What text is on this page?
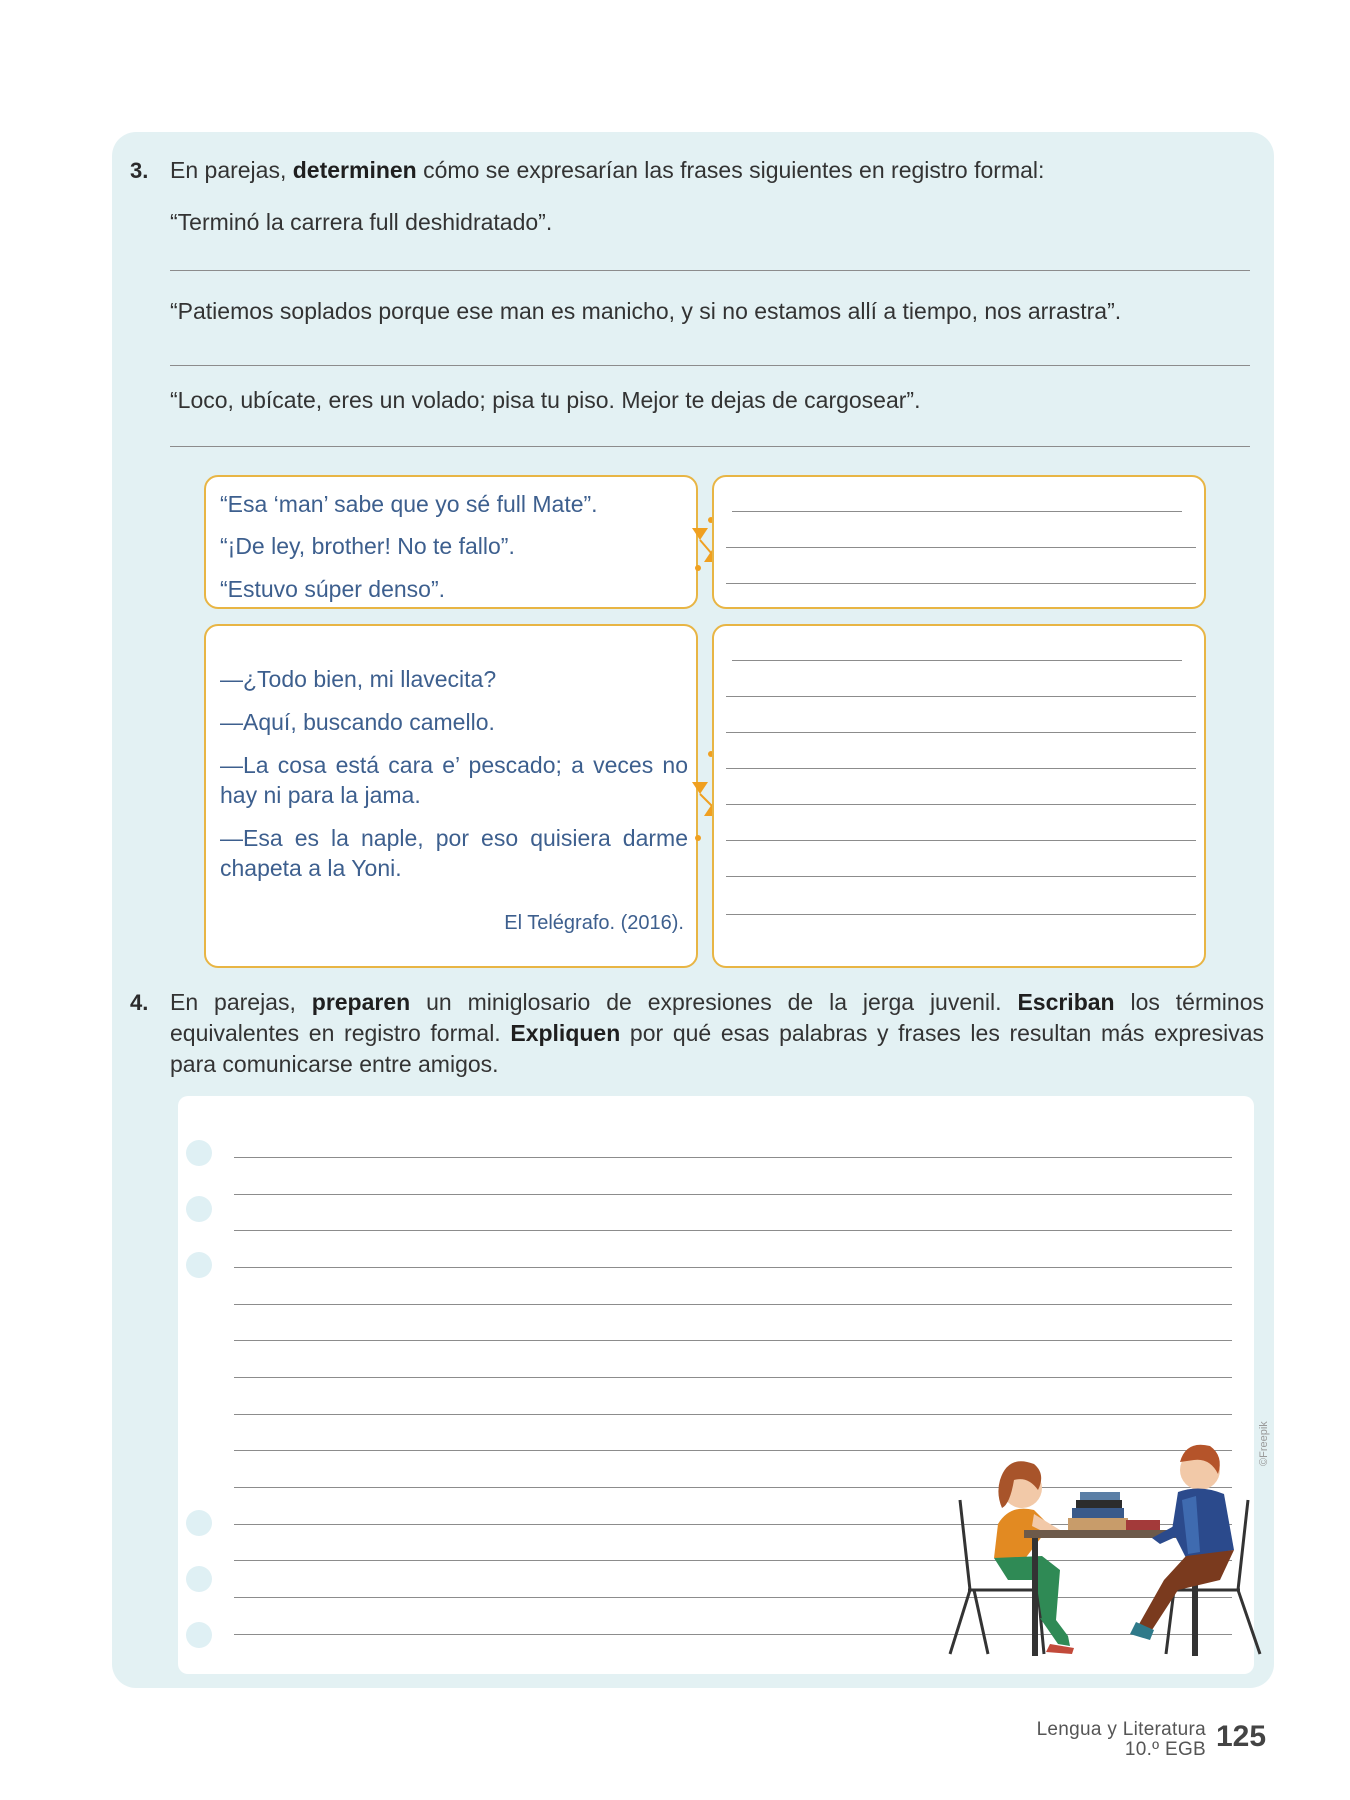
3. En parejas, determinen cómo se expresarían las frases siguientes en registro formal:
“Terminó la carrera full deshidratado”.
“Patiemos soplados porque ese man es manicho, y si no estamos allí a tiempo, nos arrastra”.
“Loco, ubícate, eres un volado; pisa tu piso. Mejor te dejas de cargosear”.
“Esa ‘man’ sabe que yo sé full Mate”.
“¡De ley, brother! No te fallo”.
“Estuvo súper denso”.

—¿Todo bien, mi llavecita?

—Aquí, buscando camello.

—La cosa está cara e’ pescado; a veces no hay ni para la jama.

—Esa es la naple, por eso quisiera darme chapeta a la Yoni.

El Telégrafo. (2016).
4. En parejas, preparen un miniglosario de expresiones de la jerga juvenil. Escriban los términos equivalentes en registro formal. Expliquen por qué esas palabras y frases les resultan más expresivas para comunicarse entre amigos.
©Freepik
Lengua y Literatura
10.º EGB 125
